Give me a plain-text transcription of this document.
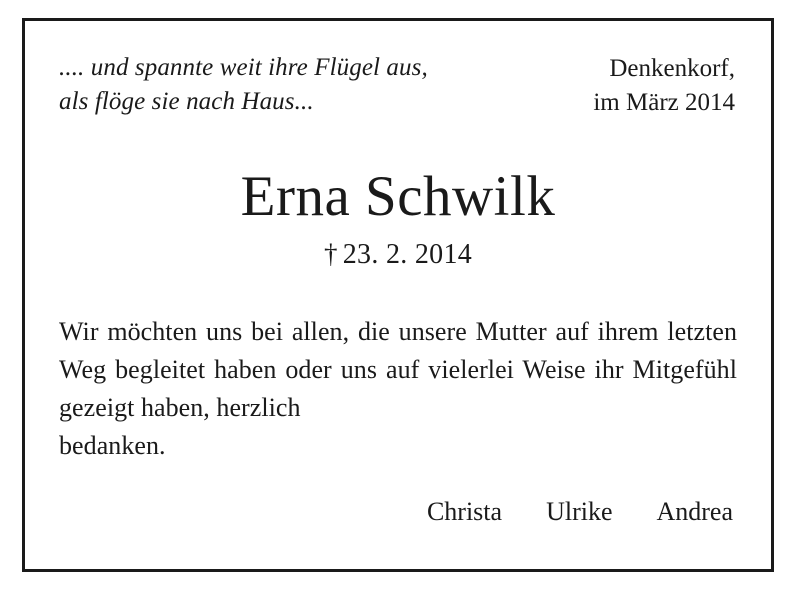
.... und spannte weit ihre Flügel aus,
als flöge sie nach Haus...
Denkenkorf,
im März 2014
Erna Schwilk
† 23. 2. 2014
Wir möchten uns bei allen, die unsere Mutter auf ihrem letzten Weg begleitet haben oder uns auf vielerlei Weise ihr Mitgefühl gezeigt haben, herzlich
bedanken.
Christa Ulrike Andrea
